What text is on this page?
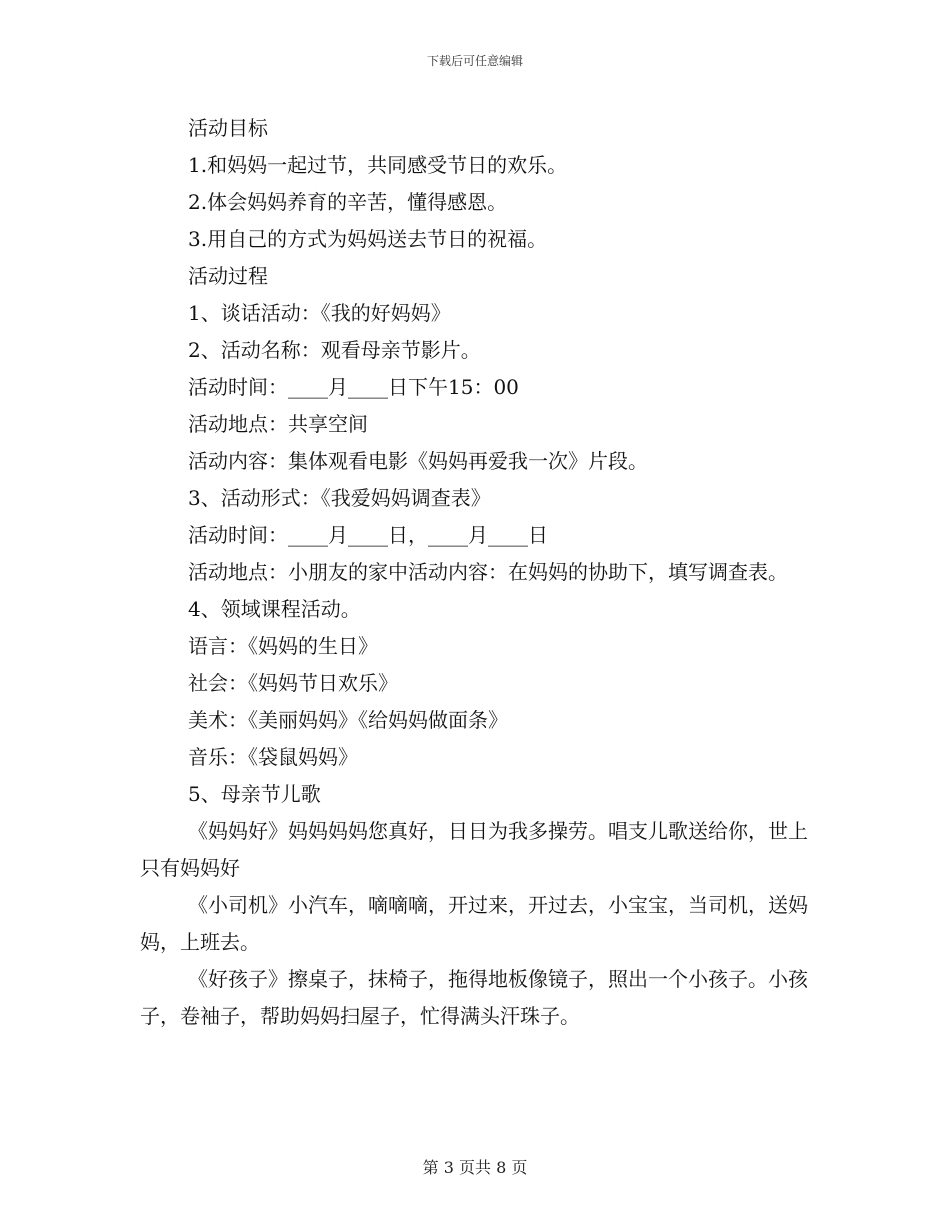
下载后可任意编辑

活动目标

1.和妈妈一起过节，共同感受节日的欢乐。

2.体会妈妈养育的辛苦，懂得感恩。

3.用自己的方式为妈妈送去节日的祝福。

活动过程

1、谈话活动：《我的好妈妈》

2、活动名称：观看母亲节影片。

活动时间：____月____日下午15：00

活动地点：共享空间

活动内容：集体观看电影《妈妈再爱我一次》片段。

3、活动形式：《我爱妈妈调查表》

活动时间：____月____日，____月____日

活动地点：小朋友的家中活动内容：在妈妈的协助下，填写调查表。

4、领域课程活动。

语言：《妈妈的生日》

社会：《妈妈节日欢乐》

美术：《美丽妈妈》《给妈妈做面条》

音乐：《袋鼠妈妈》

5、母亲节儿歌

《妈妈好》妈妈妈妈您真好，日日为我多操劳。唱支儿歌送给你，世上只有妈妈好

《小司机》小汽车，嘀嘀嘀，开过来，开过去，小宝宝，当司机，送妈妈，上班去。

《好孩子》擦桌子，抹椅子，拖得地板像镜子，照出一个小孩子。小孩子，卷袖子，帮助妈妈扫屋子，忙得满头汗珠子。

第 3 页共 8 页
